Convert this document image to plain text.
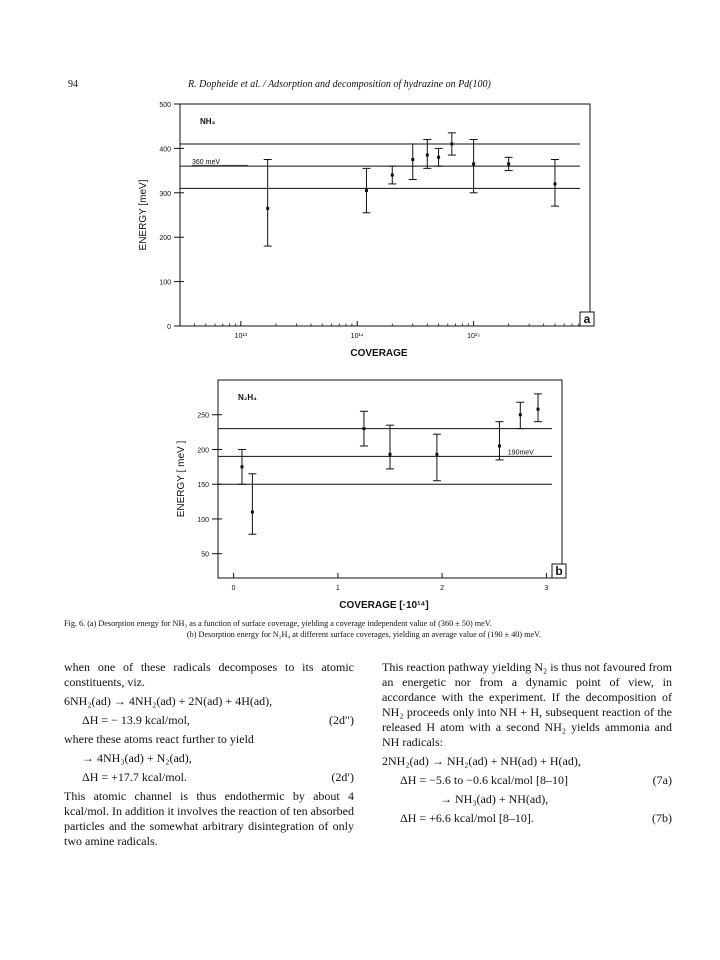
94	R. Dopheide et al. / Adsorption and decomposition of hydrazine on Pd(100)
0
100
200
300
400
500
10¹³	10¹⁴	10¹⁵
360 meV
NH₃
a
ENERGY [meV]
COVERAGE
50
100
150
200
250
0	1	2	3
190meV
N₂H₄
b
ENERGY [ meV ]
COVERAGE [·10¹⁴]
Fig. 6. (a) Desorption energy for NH₃ as a function of surface coverage, yielding a coverage independent value of (360 ± 50) meV.
(b) Desorption energy for N₂H₄ at different surface coverages, yielding an average value of (190 ± 40) meV.

when one of these radicals decomposes to its atomic constituents, viz.

6NH₂(ad) → 4NH₂(ad) + 2N(ad) + 4H(ad),
ΔH = − 13.9 kcal/mol,	(2d″)

where these atoms react further to yield

→ 4NH₃(ad) + N₂(ad),
ΔH = +17.7 kcal/mol.	(2d′)

This atomic channel is thus endothermic by about 4 kcal/mol. In addition it involves the reaction of ten absorbed particles and the somewhat arbitrary disintegration of only two amine radicals.

This reaction pathway yielding N₂ is thus not favoured from an energetic nor from a dynamic point of view, in accordance with the experiment. If the decomposition of NH₂ proceeds only into NH + H, subsequent reaction of the released H atom with a second NH₂ yields ammonia and NH radicals:

2NH₂(ad) → NH₂(ad) + NH(ad) + H(ad),
ΔH = −5.6 to −0.6 kcal/mol [8–10]	(7a)
→ NH₃(ad) + NH(ad),
ΔH = +6.6 kcal/mol [8–10].	(7b)
